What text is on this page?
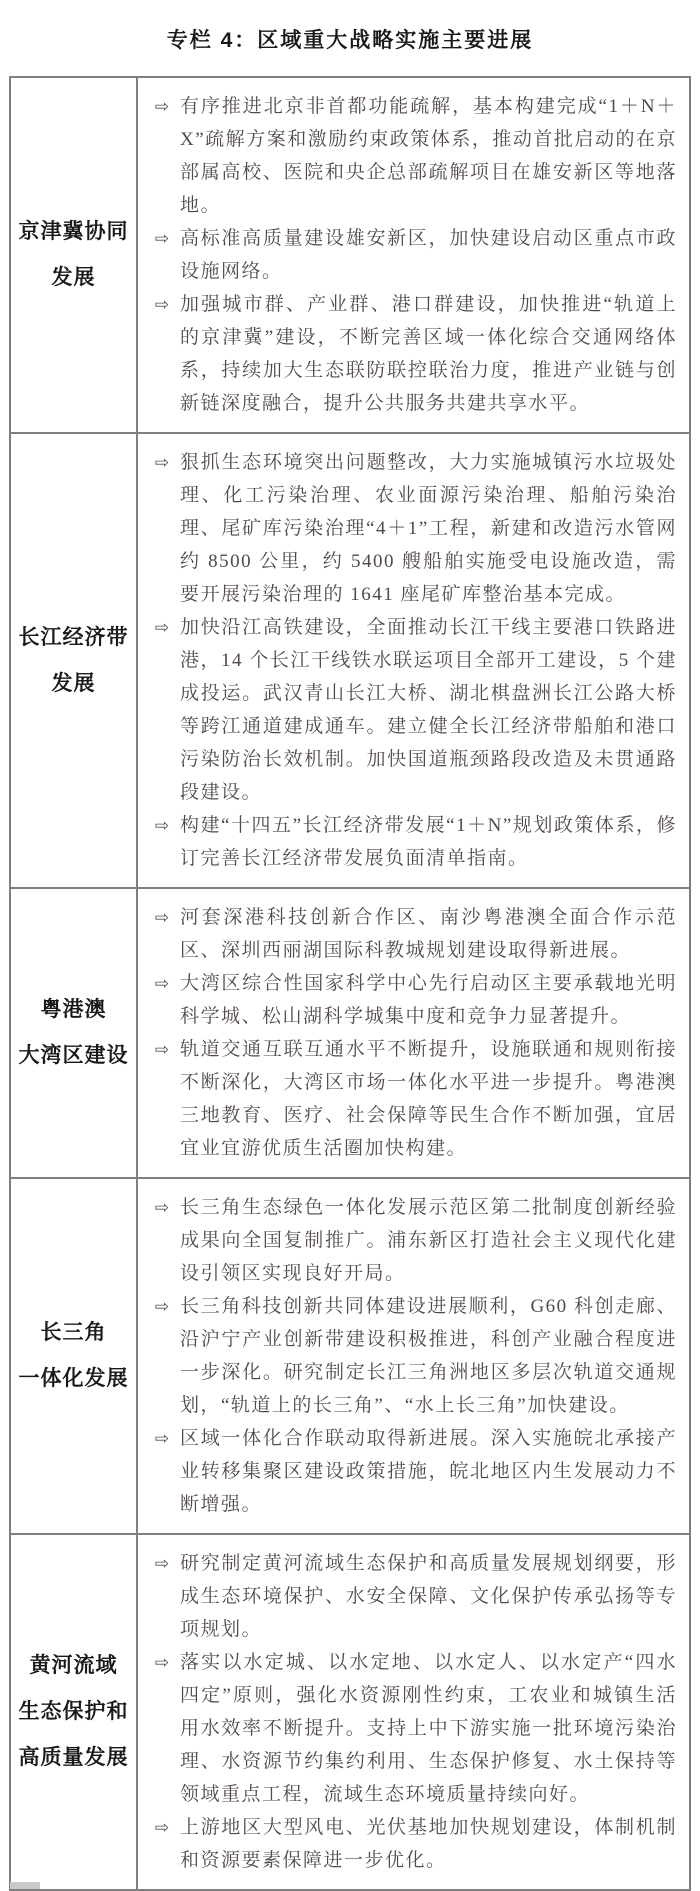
专栏 4：区域重大战略实施主要进展
京津冀协同
发展

⇨ 有序推进北京非首都功能疏解，基本构建完成“1＋N＋X”疏解方案和激励约束政策体系，推动首批启动的在京部属高校、医院和央企总部疏解项目在雄安新区等地落地。
⇨ 高标准高质量建设雄安新区，加快建设启动区重点市政设施网络。
⇨ 加强城市群、产业群、港口群建设，加快推进“轨道上的京津冀”建设，不断完善区域一体化综合交通网络体系，持续加大生态联防联控联治力度，推进产业链与创新链深度融合，提升公共服务共建共享水平。

长江经济带
发展

⇨ 狠抓生态环境突出问题整改，大力实施城镇污水垃圾处理、化工污染治理、农业面源污染治理、船舶污染治理、尾矿库污染治理“4＋1”工程，新建和改造污水管网约 8500 公里，约 5400 艘船舶实施受电设施改造，需要开展污染治理的 1641 座尾矿库整治基本完成。
⇨ 加快沿江高铁建设，全面推动长江干线主要港口铁路进港，14 个长江干线铁水联运项目全部开工建设，5 个建成投运。武汉青山长江大桥、湖北棋盘洲长江公路大桥等跨江通道建成通车。建立健全长江经济带船舶和港口污染防治长效机制。加快国道瓶颈路段改造及未贯通路段建设。
⇨ 构建“十四五”长江经济带发展“1＋N”规划政策体系，修订完善长江经济带发展负面清单指南。

粤港澳
大湾区建设

⇨ 河套深港科技创新合作区、南沙粤港澳全面合作示范区、深圳西丽湖国际科教城规划建设取得新进展。
⇨ 大湾区综合性国家科学中心先行启动区主要承载地光明科学城、松山湖科学城集中度和竞争力显著提升。
⇨ 轨道交通互联互通水平不断提升，设施联通和规则衔接不断深化，大湾区市场一体化水平进一步提升。粤港澳三地教育、医疗、社会保障等民生合作不断加强，宜居宜业宜游优质生活圈加快构建。

长三角
一体化发展

⇨ 长三角生态绿色一体化发展示范区第二批制度创新经验成果向全国复制推广。浦东新区打造社会主义现代化建设引领区实现良好开局。
⇨ 长三角科技创新共同体建设进展顺利，G60 科创走廊、沿沪宁产业创新带建设积极推进，科创产业融合程度进一步深化。研究制定长江三角洲地区多层次轨道交通规划，“轨道上的长三角”、“水上长三角”加快建设。
⇨ 区域一体化合作联动取得新进展。深入实施皖北承接产业转移集聚区建设政策措施，皖北地区内生发展动力不断增强。

黄河流域
生态保护和
高质量发展

⇨ 研究制定黄河流域生态保护和高质量发展规划纲要，形成生态环境保护、水安全保障、文化保护传承弘扬等专项规划。
⇨ 落实以水定城、以水定地、以水定人、以水定产“四水四定”原则，强化水资源刚性约束，工农业和城镇生活用水效率不断提升。支持上中下游实施一批环境污染治理、水资源节约集约利用、生态保护修复、水土保持等领域重点工程，流域生态环境质量持续向好。
⇨ 上游地区大型风电、光伏基地加快规划建设，体制机制和资源要素保障进一步优化。
